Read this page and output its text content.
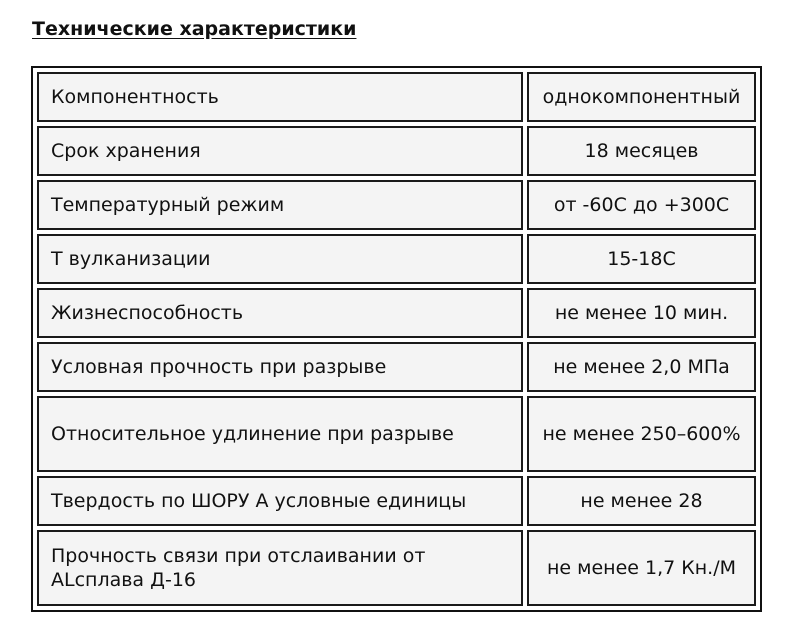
Технические характеристики
Компонентность	однокомпонентный
Срок хранения	18 месяцев
Температурный режим	от -60С до +300С
Т вулканизации	15-18С
Жизнеспособность	не менее 10 мин.
Условная прочность при разрыве	не менее 2,0 МПа
Относительное удлинение при разрыве	не менее 250–600%
Твердость по ШОРУ А условные единицы	не менее 28
Прочность связи при отслаивании от ALсплава Д-16	не менее 1,7 Кн./М
